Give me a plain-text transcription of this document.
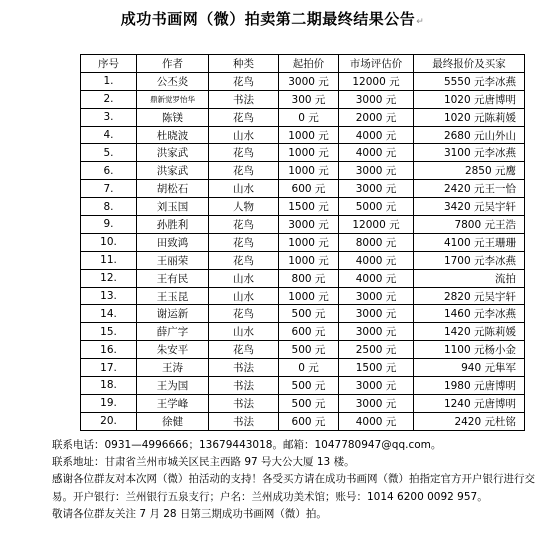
成功书画网（微）拍卖第二期最终结果公告↵
序号	作者	种类	起拍价	市场评估价	最终报价及买家
1.	公丕炎	花鸟	3000 元	12000 元	5550 元李冰燕
2.	鼎新觉罗怡华	书法	300 元	3000 元	1020 元唐博明
3.	陈镁	花鸟	0 元	2000 元	1020 元陈莉媛
4.	杜晓波	山水	1000 元	4000 元	2680 元山外山
5.	洪家武	花鸟	1000 元	4000 元	3100 元李冰燕
6.	洪家武	花鸟	1000 元	3000 元	2850 元鹰
7.	胡松石	山水	600 元	3000 元	2420 元王一恰
8.	刘玉国	人物	1500 元	5000 元	3420 元吴宇轩
9.	孙胜利	花鸟	3000 元	12000 元	7800 元王浩
10.	田致鸿	花鸟	1000 元	8000 元	4100 元王珊珊
11.	王丽荣	花鸟	1000 元	4000 元	1700 元李冰燕
12.	王有民	山水	800 元	4000 元	流拍
13.	王玉昆	山水	1000 元	3000 元	2820 元吴宇轩
14.	谢运新	花鸟	500 元	3000 元	1460 元李冰燕
15.	薛广字	山水	600 元	3000 元	1420 元陈莉媛
16.	朱安平	花鸟	500 元	2500 元	1100 元杨小金
17.	王涛	书法	0 元	1500 元	940 元隼军
18.	王为国	书法	500 元	3000 元	1980 元唐博明
19.	王学峰	书法	500 元	3000 元	1240 元唐博明
20.	徐健	书法	600 元	4000 元	2420 元杜铭

联系电话：0931—4996666；13679443018。邮箱：1047780947@qq.com。

联系地址：甘肃省兰州市城关区民主西路 97 号大公大厦 13 楼。

感谢各位群友对本次网（微）拍活动的支持！各受买方请在成功书画网（微）拍指定官方开户银行进行交易。开户银行：兰州银行五泉支行；户名：兰州成功美术馆；账号：1014 6200 0092 957。

敬请各位群友关注 7 月 28 日第三期成功书画网（微）拍。
